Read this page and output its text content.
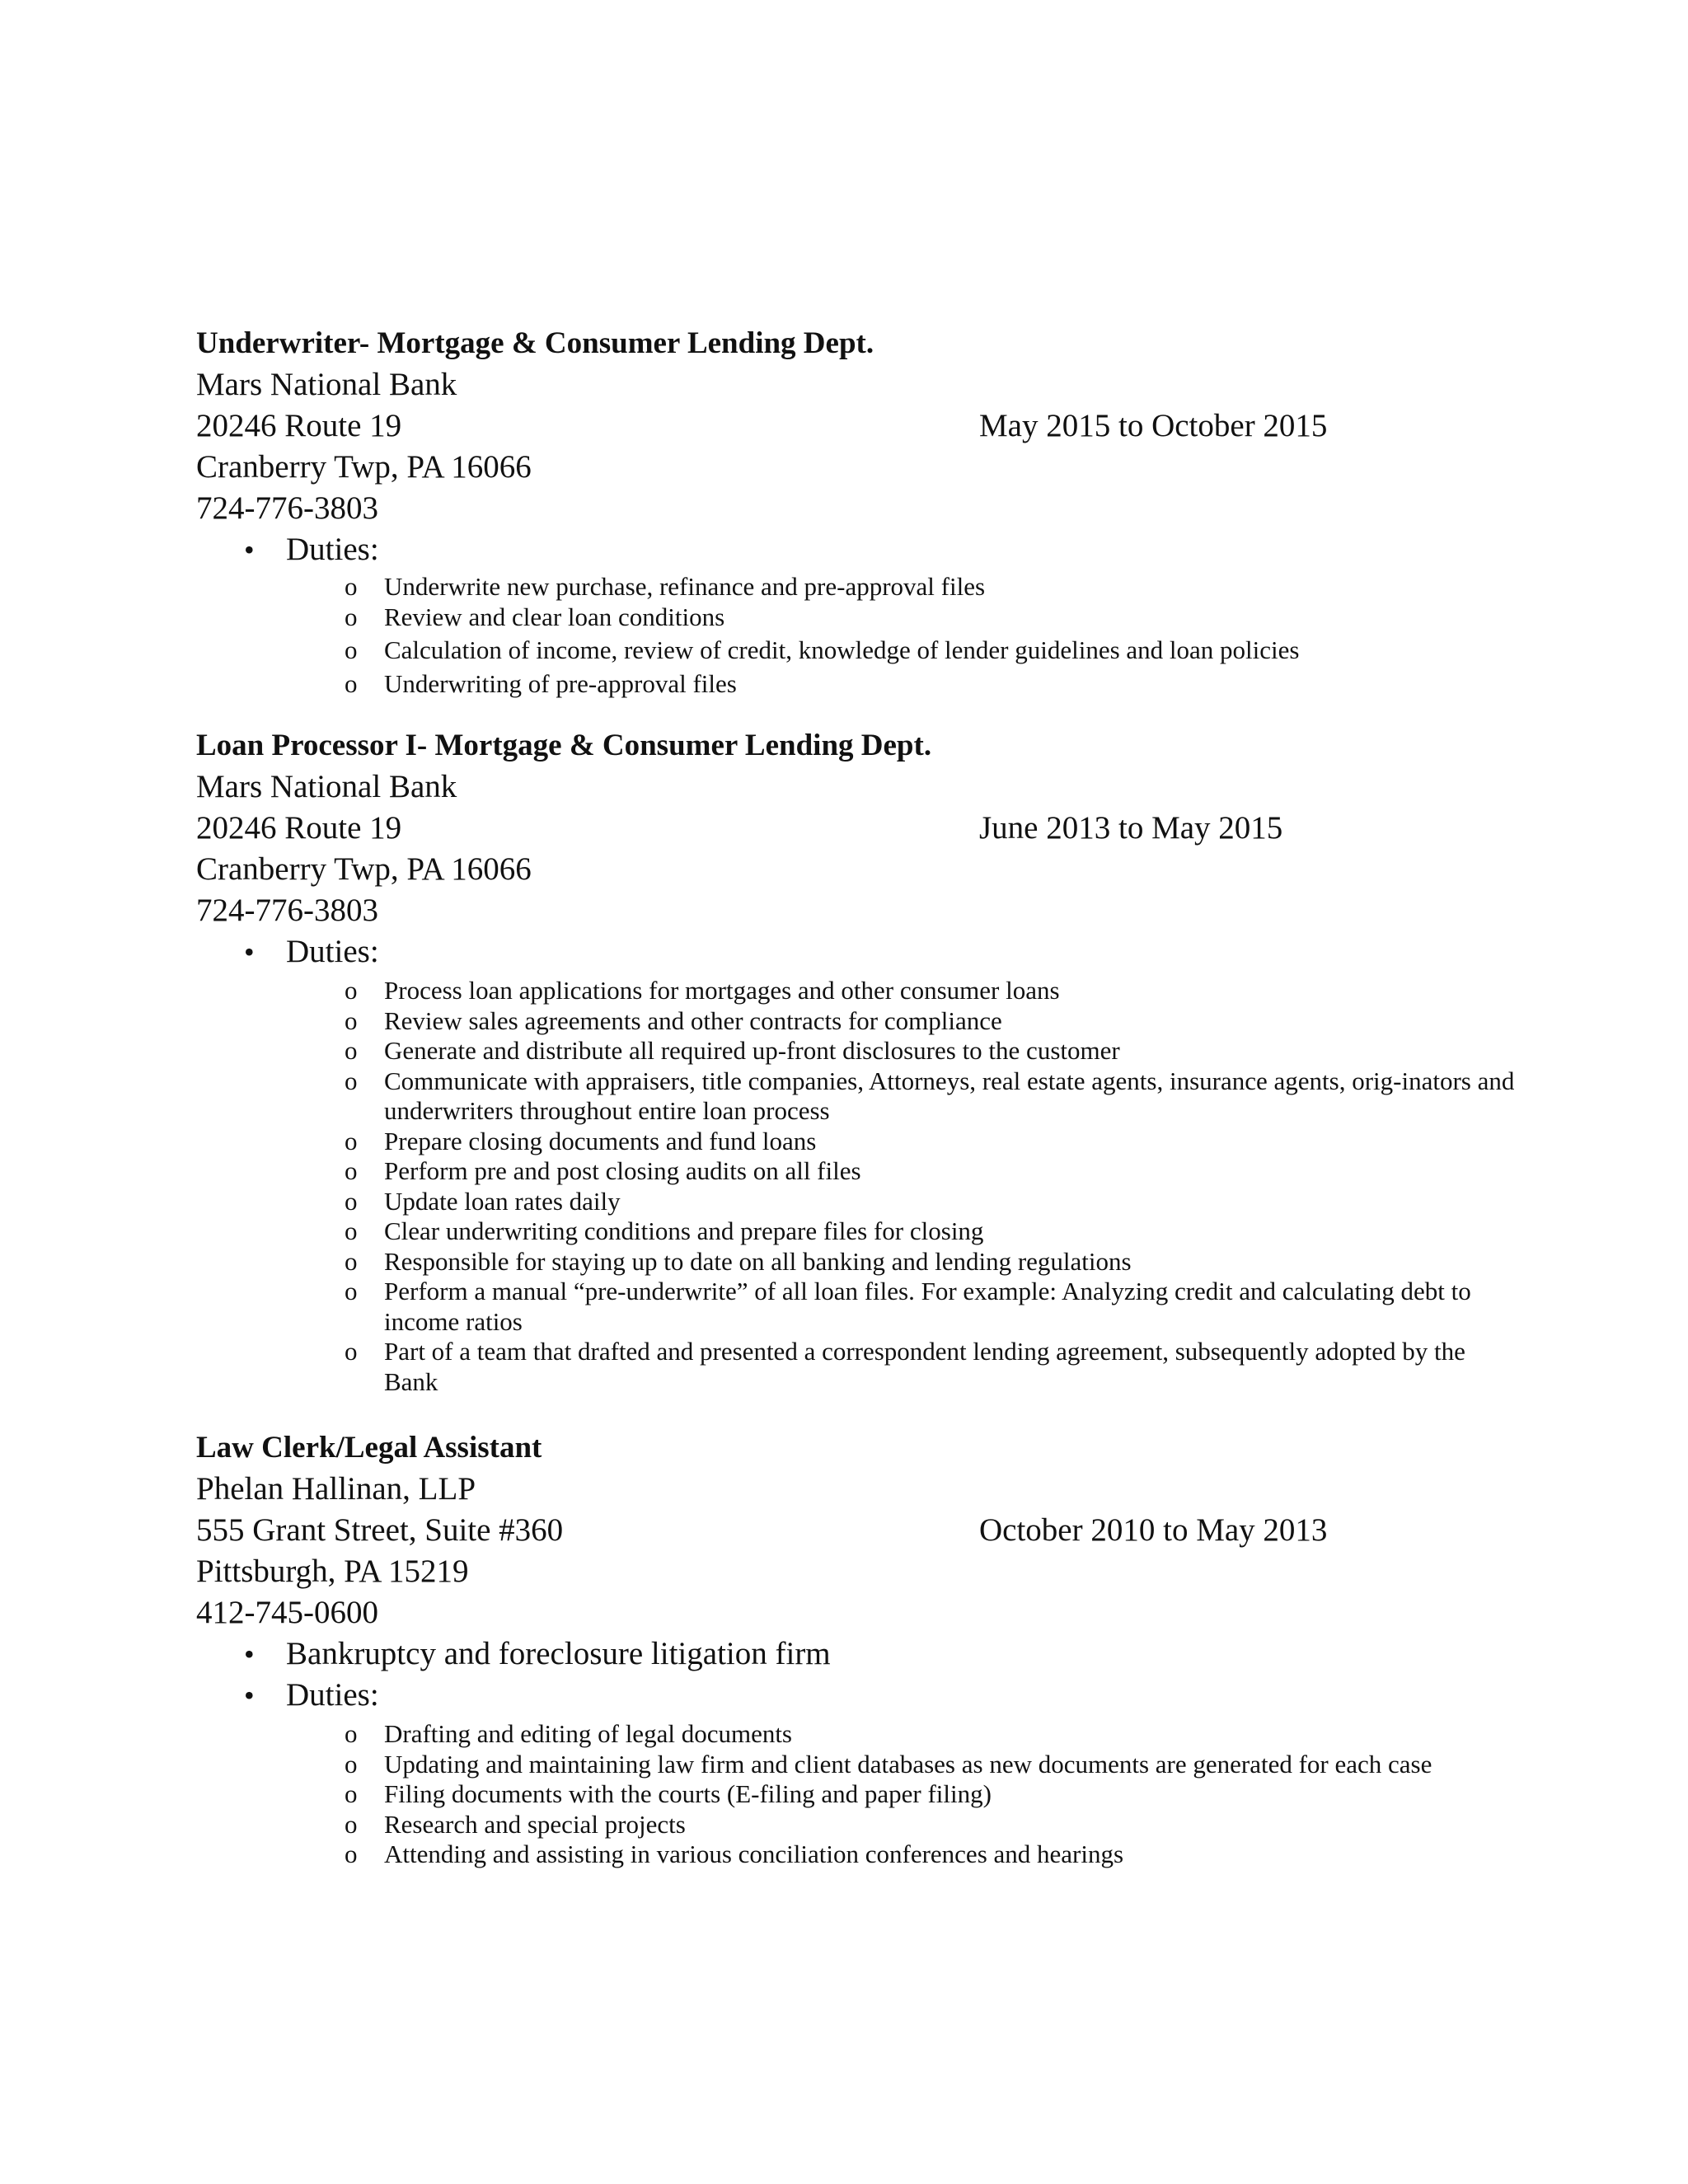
Underwriter- Mortgage & Consumer Lending Dept.

Mars National Bank

20246 Route 19	May 2015 to October 2015

Cranberry Twp, PA 16066

724-776-3803

• Duties:
o Underwrite new purchase, refinance and pre-approval files
o Review and clear loan conditions
o Calculation of income, review of credit, knowledge of lender guidelines and loan policies
o Underwriting of pre-approval files

Loan Processor I- Mortgage & Consumer Lending Dept.

Mars National Bank

20246 Route 19	June 2013 to May 2015

Cranberry Twp, PA 16066

724-776-3803

• Duties:
o Process loan applications for mortgages and other consumer loans
o Review sales agreements and other contracts for compliance
o Generate and distribute all required up-front disclosures to the customer
o Communicate with appraisers, title companies, Attorneys, real estate agents, insurance agents, orig-inators and underwriters throughout entire loan process
o Prepare closing documents and fund loans
o Perform pre and post closing audits on all files
o Update loan rates daily
o Clear underwriting conditions and prepare files for closing
o Responsible for staying up to date on all banking and lending regulations
o Perform a manual “pre-underwrite” of all loan files. For example: Analyzing credit and calculating debt to income ratios
o Part of a team that drafted and presented a correspondent lending agreement, subsequently adopted by the Bank

Law Clerk/Legal Assistant

Phelan Hallinan, LLP

555 Grant Street, Suite #360	October 2010 to May 2013

Pittsburgh, PA 15219

412-745-0600

• Bankruptcy and foreclosure litigation firm
• Duties:
o Drafting and editing of legal documents
o Updating and maintaining law firm and client databases as new documents are generated for each case
o Filing documents with the courts (E-filing and paper filing)
o Research and special projects
o Attending and assisting in various conciliation conferences and hearings
